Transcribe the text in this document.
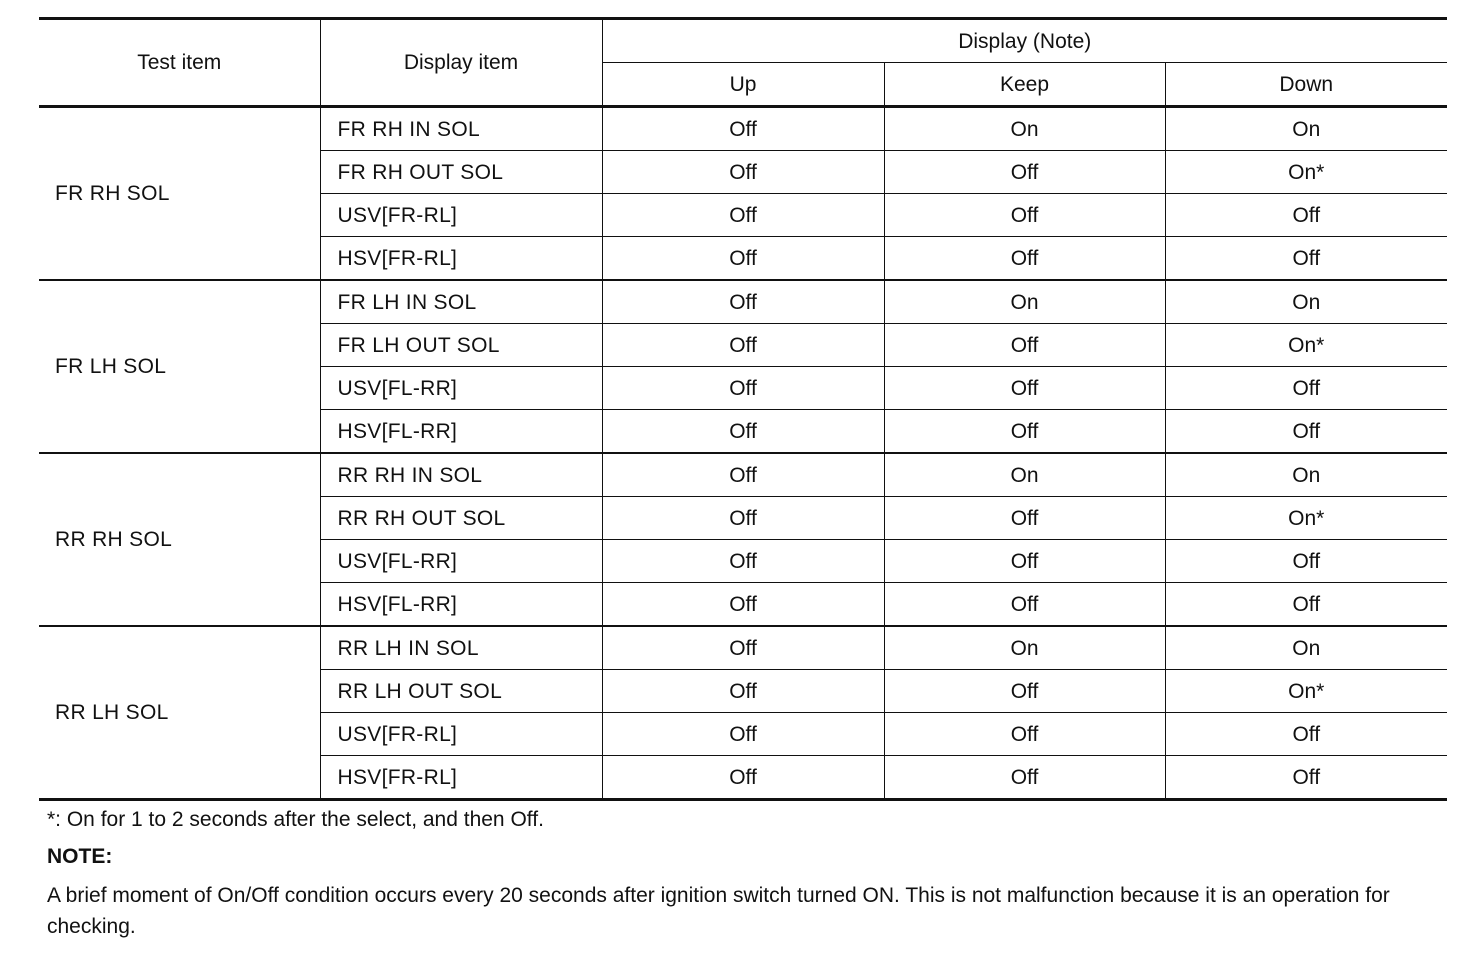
Test item	Display item	Display (Note)		
		Up	Keep	Down
FR RH SOL	FR RH IN SOL	Off	On	On
	FR RH OUT SOL	Off	Off	On*
	USV[FR-RL]	Off	Off	Off
	HSV[FR-RL]	Off	Off	Off
FR LH SOL	FR LH IN SOL	Off	On	On
	FR LH OUT SOL	Off	Off	On*
	USV[FL-RR]	Off	Off	Off
	HSV[FL-RR]	Off	Off	Off
RR RH SOL	RR RH IN SOL	Off	On	On
	RR RH OUT SOL	Off	Off	On*
	USV[FL-RR]	Off	Off	Off
	HSV[FL-RR]	Off	Off	Off
RR LH SOL	RR LH IN SOL	Off	On	On
	RR LH OUT SOL	Off	Off	On*
	USV[FR-RL]	Off	Off	Off
	HSV[FR-RL]	Off	Off	Off
*: On for 1 to 2 seconds after the select, and then Off.
NOTE:
A brief moment of On/Off condition occurs every 20 seconds after ignition switch turned ON. This is not malfunction because it is an operation for checking.
